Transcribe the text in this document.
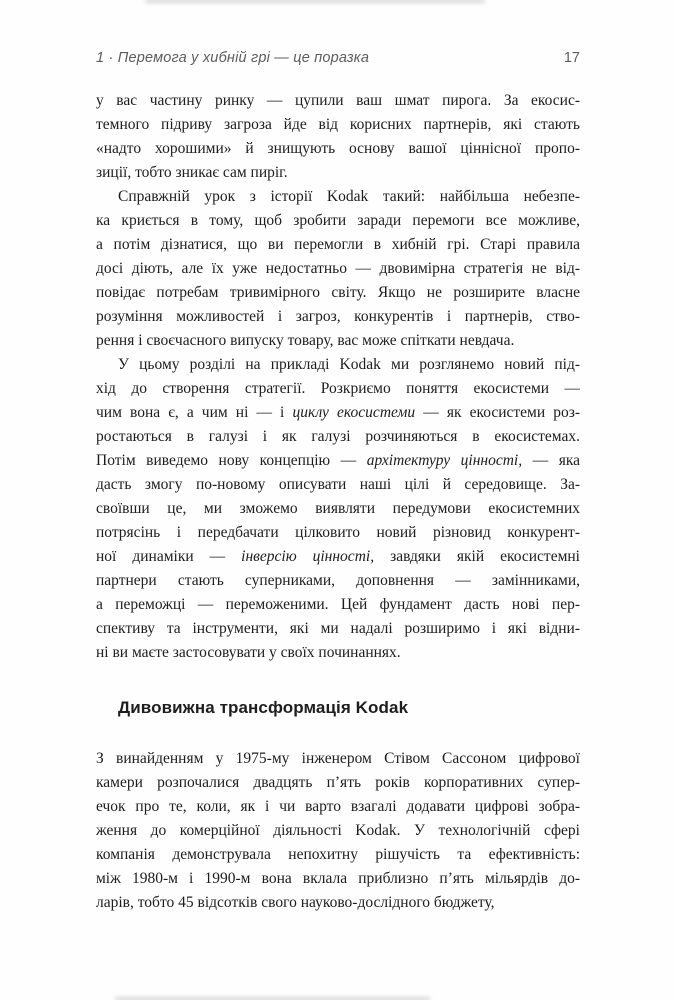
1 · Перемога у хибній грі — це поразка	17

у вас частину ринку — цупили ваш шмат пирога. За екосис-
темного підриву загроза йде від корисних партнерів, які стають
«надто хорошими» й знищують основу вашої ціннісної пропо-
зиції, тобто зникає сам пиріг.

Справжній урок з історії Kodak такий: найбільша небезпе-
ка криється в тому, щоб зробити заради перемоги все можливе,
а потім дізнатися, що ви перемогли в хибній грі. Старі правила
досі діють, але їх уже недостатньо — двовимірна стратегія не від-
повідає потребам тривимірного світу. Якщо не розширите власне
розуміння можливостей і загроз, конкурентів і партнерів, ство-
рення і своєчасного випуску товару, вас може спіткати невдача.

У цьому розділі на прикладі Kodak ми розглянемо новий під-
хід до створення стратегії. Розкриємо поняття екосистеми —
чим вона є, а чим ні — і циклу екосистеми — як екосистеми роз-
ростаються в галузі і як галузі розчиняються в екосистемах.
Потім виведемо нову концепцію — архітектуру цінності, — яка
дасть змогу по-новому описувати наші цілі й середовище. За-
своївши це, ми зможемо виявляти передумови екосистемних
потрясінь і передбачати цілковито новий різновид конкурент-
ної динаміки — інверсію цінності, завдяки якій екосистемні
партнери стають суперниками, доповнення — замінниками,
а переможці — переможеними. Цей фундамент дасть нові пер-
спективу та інструменти, які ми надалі розширимо і які відни-
ні ви маєте застосовувати у своїх починаннях.

Дивовижна трансформація Kodak

З винайденням у 1975-му інженером Стівом Сассоном цифрової
камери розпочалися двадцять п’ять років корпоративних супер-
ечок про те, коли, як і чи варто взагалі додавати цифрові зобра-
ження до комерційної діяльності Kodak. У технологічній сфері
компанія демонструвала непохитну рішучість та ефективність:
між 1980-м і 1990-м вона вклала приблизно п’ять мільярдів до-
ларів, тобто 45 відсотків свого науково-дослідного бюджету,
